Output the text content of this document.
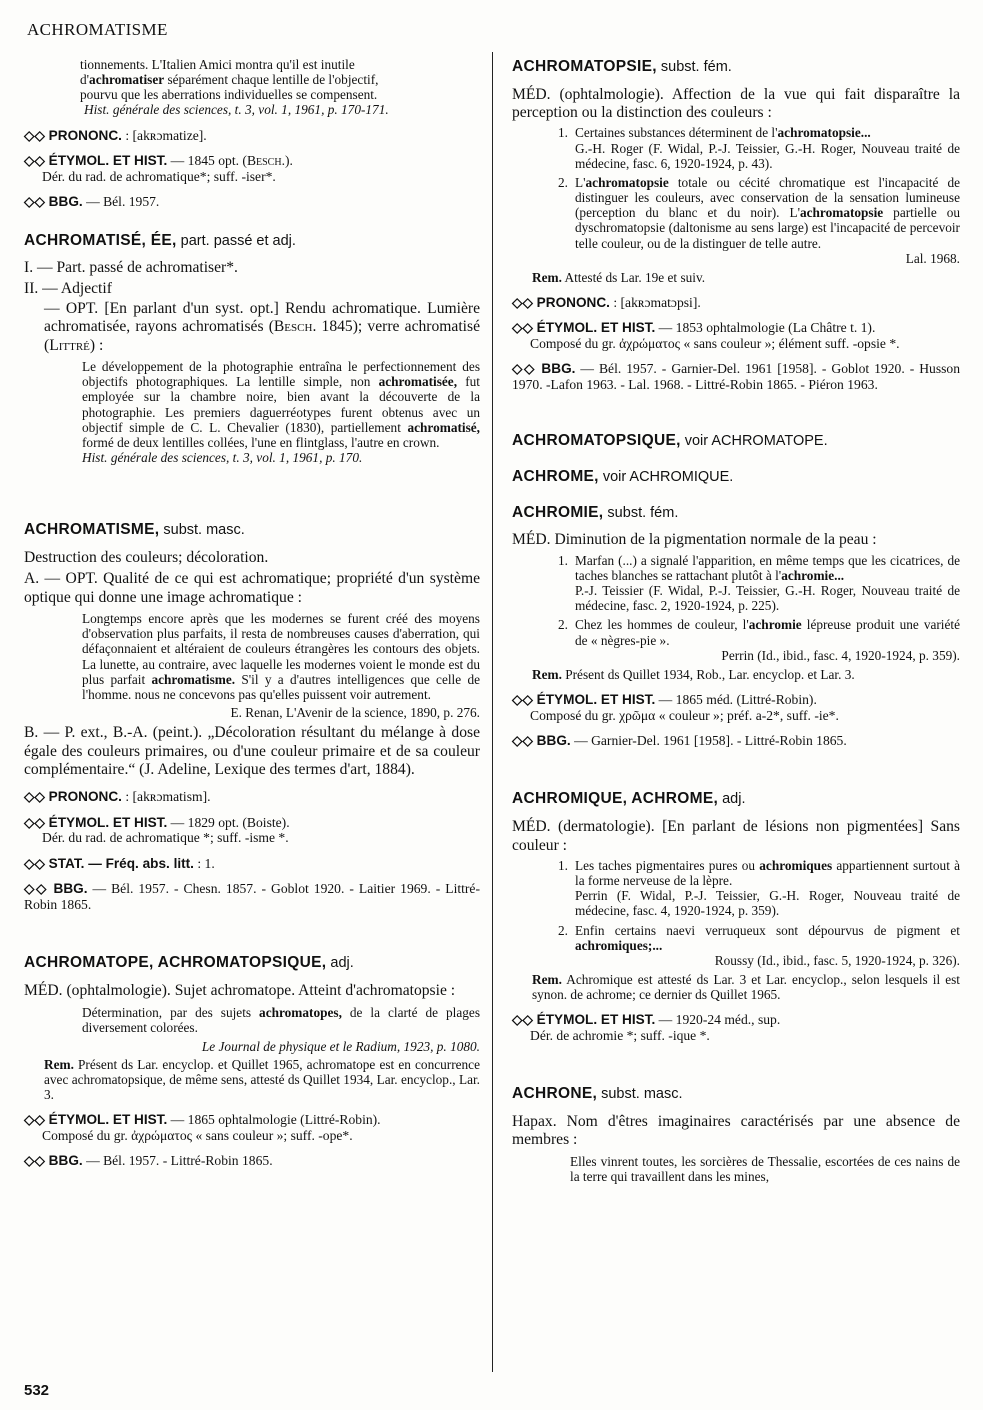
ACHROMATISME
tionnements. L'Italien Amici montra qu'il est inutile
d'achromatiser séparément chaque lentille de l'objectif,
pourvu que les aberrations individuelles se compensent.
Hist. générale des sciences, t. 3, vol. 1, 1961, p. 170-171.
◇◇ PRONONC. : [akʀɔmatize].
◇◇ ÉTYMOL. ET HIST. — 1845 opt. (Besch.).
Dér. du rad. de achromatique*; suff. -iser*.
◇◇ BBG. — Bél. 1957.
ACHROMATISÉ, ÉE, part. passé et adj.
I. — Part. passé de achromatiser*.
II. — Adjectif
— OPT. [En parlant d'un syst. opt.] Rendu achromatique. Lumière achromatisée, rayons achromatisés (Besch. 1845); verre achromatisé (Littré) :
Le développement de la photographie entraîna le perfectionnement des objectifs photographiques. La lentille simple, non achromatisée, fut employée sur la chambre noire, bien avant la découverte de la photographie. Les premiers daguerréotypes furent obtenus avec un objectif simple de C. L. Chevalier (1830), partiellement achromatisé, formé de deux lentilles collées, l'une en flintglass, l'autre en crown.
Hist. générale des sciences, t. 3, vol. 1, 1961, p. 170.
ACHROMATISME, subst. masc.
Destruction des couleurs; décoloration.
A. — OPT. Qualité de ce qui est achromatique; propriété d'un système optique qui donne une image achromatique :
Longtemps encore après que les modernes se furent créé des moyens d'observation plus parfaits, il resta de nombreuses causes d'aberration, qui défaçonnaient et altéraient de couleurs étrangères les contours des objets. La lunette, au contraire, avec laquelle les modernes voient le monde est du plus parfait achromatisme. S'il y a d'autres intelligences que celle de l'homme. nous ne concevons pas qu'elles puissent voir autrement.
E. Renan, L'Avenir de la science, 1890, p. 276.
B. — P. ext., B.-A. (peint.). „Décoloration résultant du mélange à dose égale des couleurs primaires, ou d'une couleur primaire et de sa couleur complémentaire.“ (J. Adeline, Lexique des termes d'art, 1884).
◇◇ PRONONC. : [akʀɔmatism].
◇◇ ÉTYMOL. ET HIST. — 1829 opt. (Boiste).
Dér. du rad. de achromatique *; suff. -isme *.
◇◇ STAT. — Fréq. abs. litt. : 1.
◇◇ BBG. — Bél. 1957. - Chesn. 1857. - Goblot 1920. - Laitier 1969. - Littré-Robin 1865.
ACHROMATOPE, ACHROMATOPSIQUE, adj.
MÉD. (ophtalmologie). Sujet achromatope. Atteint d'achromatopsie :
Détermination, par des sujets achromatopes, de la clarté de plages diversement colorées.
Le Journal de physique et le Radium, 1923, p. 1080.
Rem. Présent ds Lar. encyclop. et Quillet 1965, achromatope est en concurrence avec achromatopsique, de même sens, attesté ds Quillet 1934, Lar. encyclop., Lar. 3.
◇◇ ÉTYMOL. ET HIST. — 1865 ophtalmologie (Littré-Robin).
Composé du gr. ἀχρώματος « sans couleur »; suff. -ope*.
◇◇ BBG. — Bél. 1957. - Littré-Robin 1865.
ACHROMATOPSIE, subst. fém.
MÉD. (ophtalmologie). Affection de la vue qui fait disparaître la perception ou la distinction des couleurs :
1. Certaines substances déterminent de l'achromatopsie...
G.-H. Roger (F. Widal, P.-J. Teissier, G.-H. Roger, Nouveau traité de médecine, fasc. 6, 1920-1924, p. 43).
2. L'achromatopsie totale ou cécité chromatique est l'incapacité de distinguer les couleurs, avec conservation de la sensation lumineuse (perception du blanc et du noir). L'achromatopsie partielle ou dyschromatopsie (daltonisme au sens large) est l'incapacité de percevoir telle couleur, ou de la distinguer de telle autre.
Lal. 1968.
Rem. Attesté ds Lar. 19e et suiv.
◇◇ PRONONC. : [akʀɔmatɔpsi].
◇◇ ÉTYMOL. ET HIST. — 1853 ophtalmologie (La Châtre t. 1).
Composé du gr. ἀχρώματος « sans couleur »; élément suff. -opsie *.
◇◇ BBG. — Bél. 1957. - Garnier-Del. 1961 [1958]. - Goblot 1920. - Husson 1970. -Lafon 1963. - Lal. 1968. - Littré-Robin 1865. - Piéron 1963.
ACHROMATOPSIQUE, voir ACHROMATOPE.
ACHROME, voir ACHROMIQUE.
ACHROMIE, subst. fém.
MÉD. Diminution de la pigmentation normale de la peau :
1. Marfan (...) a signalé l'apparition, en même temps que les cicatrices, de taches blanches se rattachant plutôt à l'achromie...
P.-J. Teissier (F. Widal, P.-J. Teissier, G.-H. Roger, Nouveau traité de médecine, fasc. 2, 1920-1924, p. 225).
2. Chez les hommes de couleur, l'achromie lépreuse produit une variété de « nègres-pie ».
Perrin (Id., ibid., fasc. 4, 1920-1924, p. 359).
Rem. Présent ds Quillet 1934, Rob., Lar. encyclop. et Lar. 3.
◇◇ ÉTYMOL. ET HIST. — 1865 méd. (Littré-Robin).
Composé du gr. χρῶμα « couleur »; préf. a-2*, suff. -ie*.
◇◇ BBG. — Garnier-Del. 1961 [1958]. - Littré-Robin 1865.
ACHROMIQUE, ACHROME, adj.
MÉD. (dermatologie). [En parlant de lésions non pigmentées] Sans couleur :
1. Les taches pigmentaires pures ou achromiques appartiennent surtout à la forme nerveuse de la lèpre.
Perrin (F. Widal, P.-J. Teissier, G.-H. Roger, Nouveau traité de médecine, fasc. 4, 1920-1924, p. 359).
2. Enfin certains naevi verruqueux sont dépourvus de pigment et achromiques;...
Roussy (Id., ibid., fasc. 5, 1920-1924, p. 326).
Rem. Achromique est attesté ds Lar. 3 et Lar. encyclop., selon lesquels il est synon. de achrome; ce dernier ds Quillet 1965.
◇◇ ÉTYMOL. ET HIST. — 1920-24 méd., sup.
Dér. de achromie *; suff. -ique *.
ACHRONE, subst. masc.
Hapax. Nom d'êtres imaginaires caractérisés par une absence de membres :
Elles vinrent toutes, les sorcières de Thessalie, escortées de ces nains de la terre qui travaillent dans les mines,
532
